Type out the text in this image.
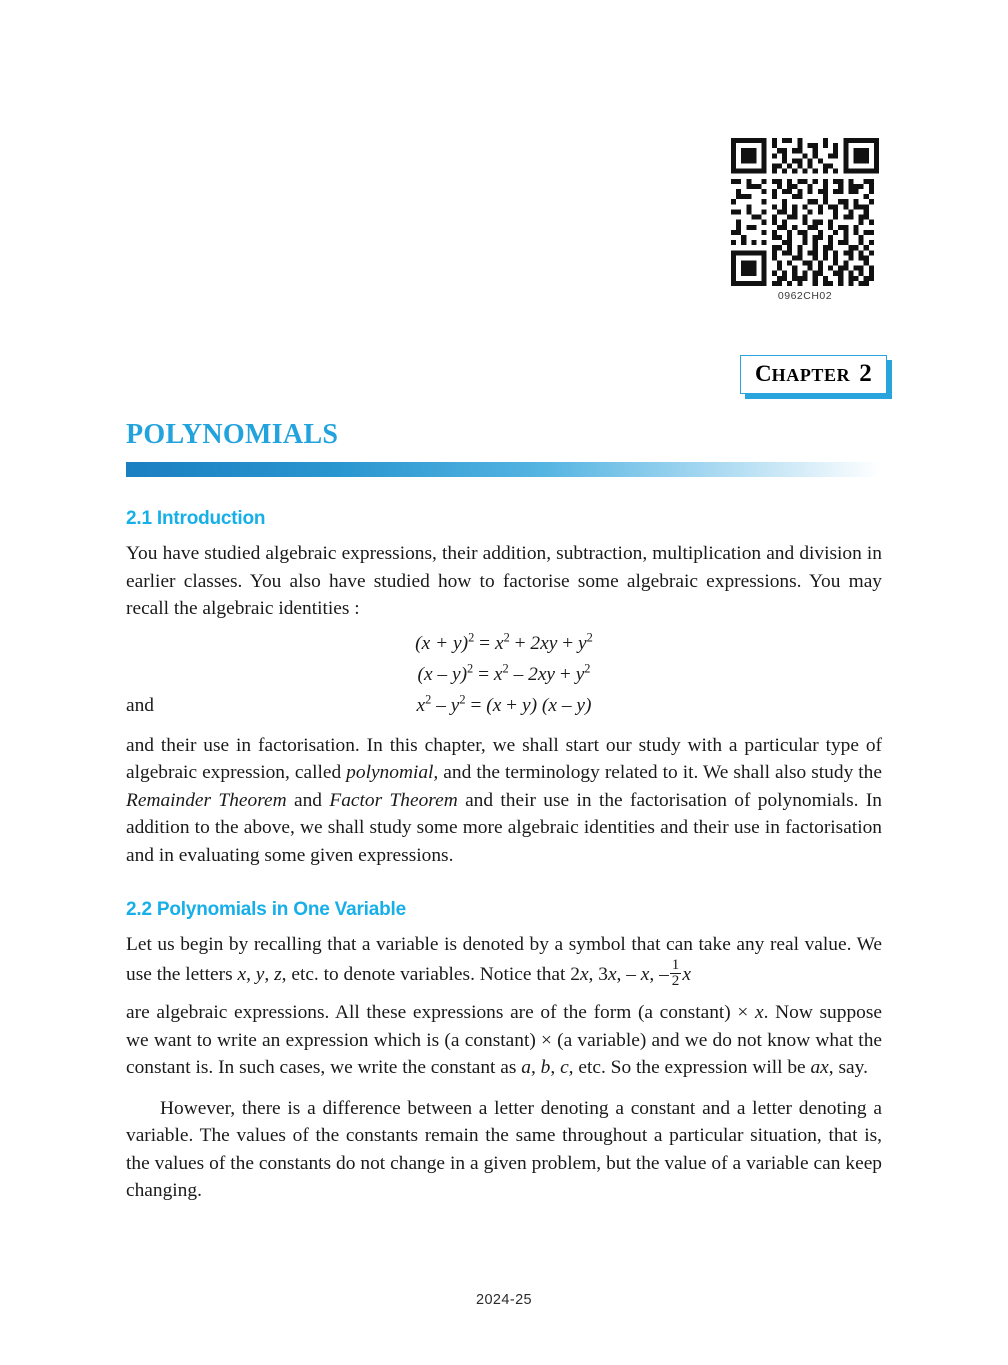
0962CH02
CHAPTER 2
POLYNOMIALS
2.1 Introduction

You have studied algebraic expressions, their addition, subtraction, multiplication and division in earlier classes. You also have studied how to factorise some algebraic expressions. You may recall the algebraic identities :

$(x + y)^2 = x^2 + 2xy + y^2$
$(x - y)^2 = x^2 - 2xy + y^2$
and	$x^2 - y^2 = (x + y)$ (x – y)

and their use in factorisation. In this chapter, we shall start our study with a particular type of algebraic expression, called polynomial, and the terminology related to it. We shall also study the Remainder Theorem and Factor Theorem and their use in the factorisation of polynomials. In addition to the above, we shall study some more algebraic identities and their use in factorisation and in evaluating some given expressions.

2.2 Polynomials in One Variable

Let us begin by recalling that a variable is denoted by a symbol that can take any real value. We use the letters x, y, z, etc. to denote variables. Notice that 2x, 3x, – x, – $\frac{1}{2}$ x

are algebraic expressions. All these expressions are of the form (a constant) × x. Now suppose we want to write an expression which is (a constant) × (a variable) and we do not know what the constant is. In such cases, we write the constant as a, b, c, etc. So the expression will be ax, say.

However, there is a difference between a letter denoting a constant and a letter denoting a variable. The values of the constants remain the same throughout a particular situation, that is, the values of the constants do not change in a given problem, but the value of a variable can keep changing.

2024-25
